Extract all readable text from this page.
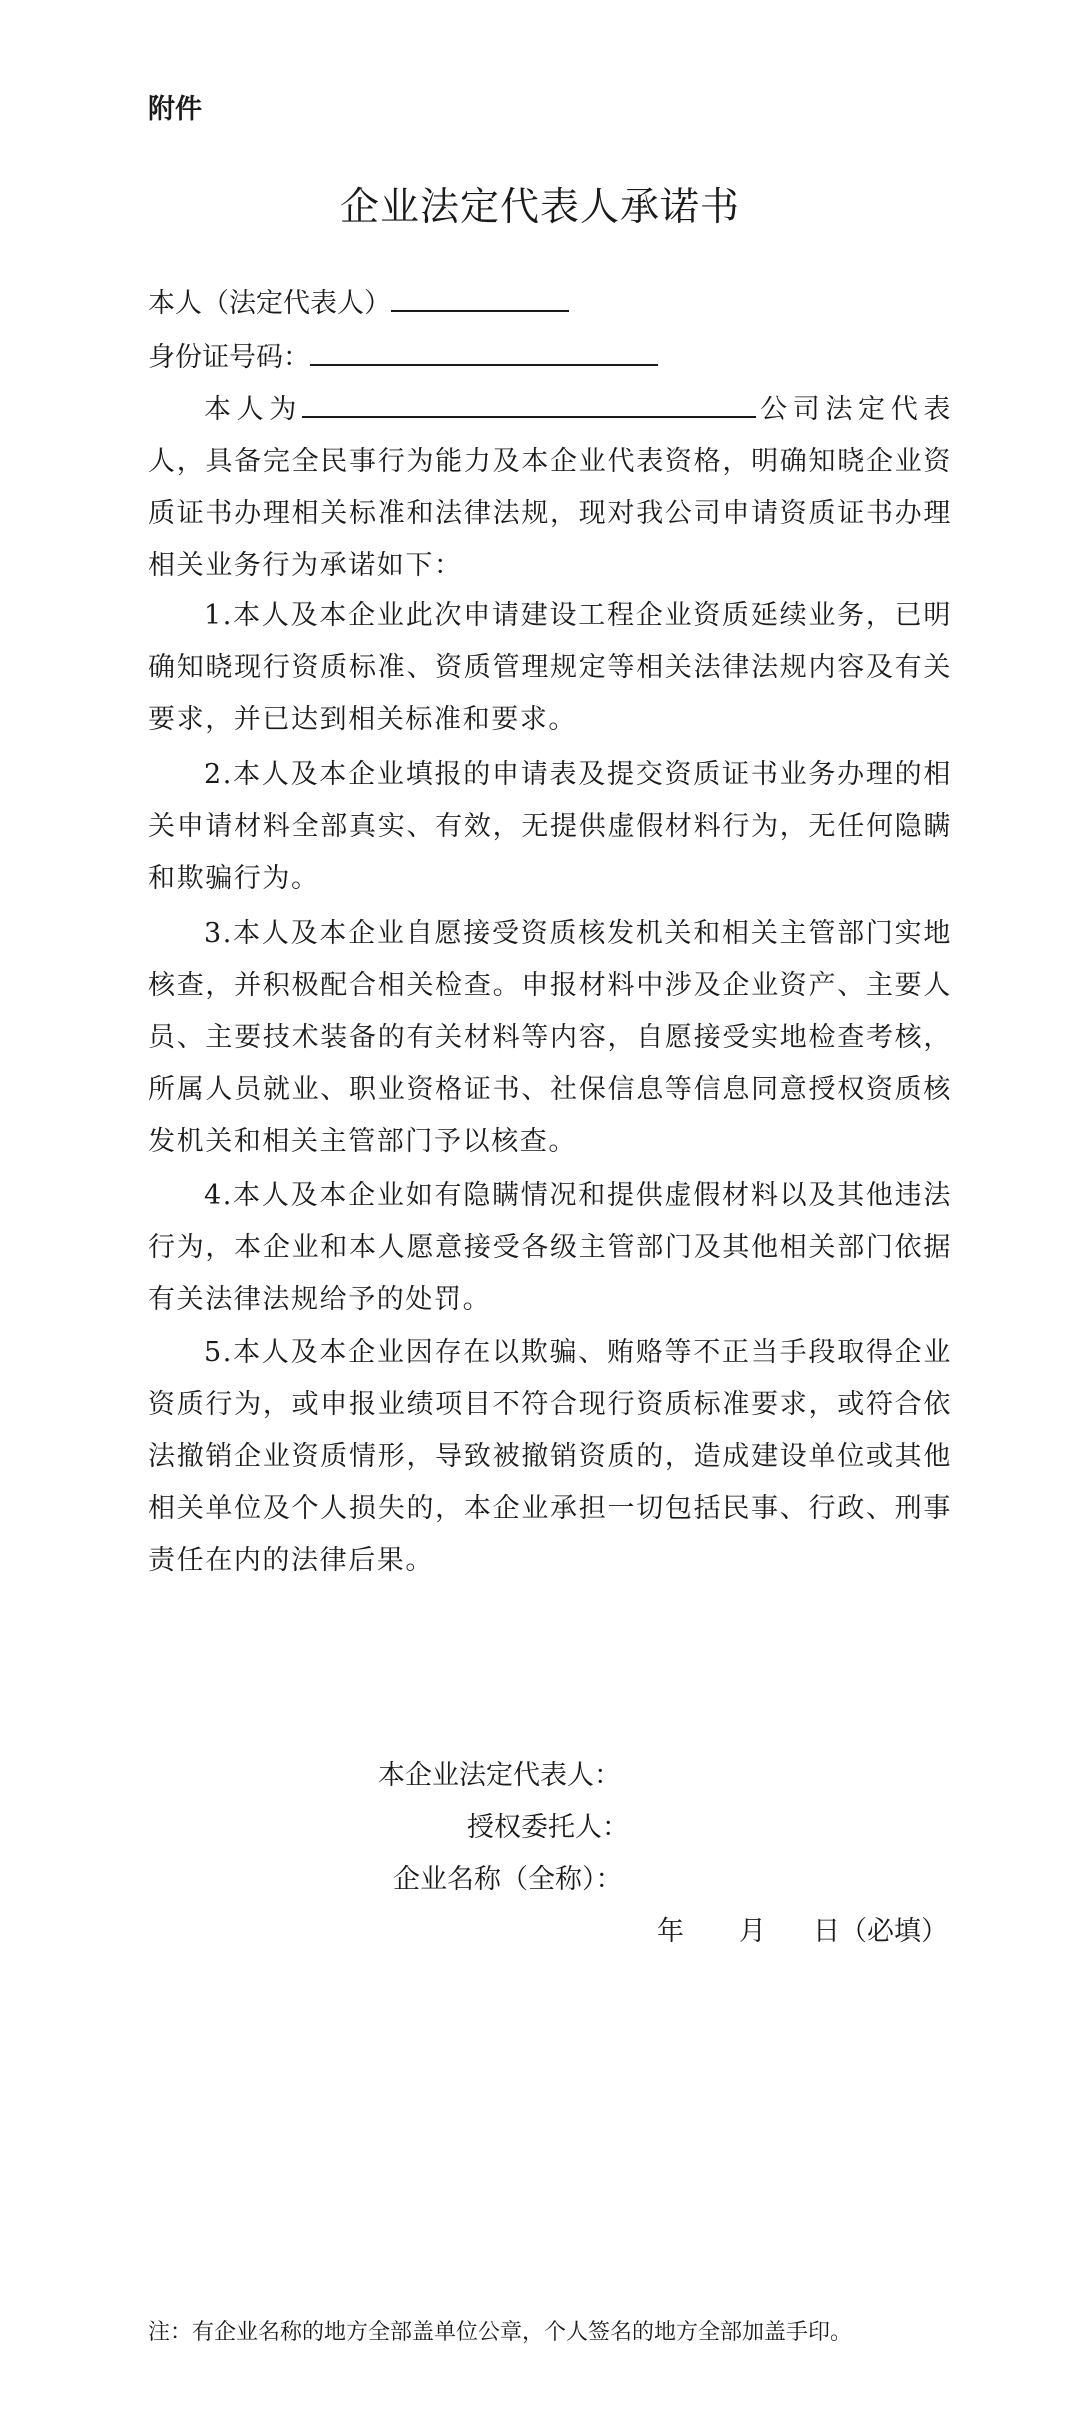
附件
企业法定代表人承诺书
本人（法定代表人）
身份证号码：
本人为	公司法定代表人，具备完全民事行为能力及本企业代表资格，明确知晓企业资质证书办理相关标准和法律法规，现对我公司申请资质证书办理相关业务行为承诺如下：
1.本人及本企业此次申请建设工程企业资质延续业务，已明确知晓现行资质标准、资质管理规定等相关法律法规内容及有关要求，并已达到相关标准和要求。
2.本人及本企业填报的申请表及提交资质证书业务办理的相关申请材料全部真实、有效，无提供虚假材料行为，无任何隐瞒和欺骗行为。
3.本人及本企业自愿接受资质核发机关和相关主管部门实地核查，并积极配合相关检查。申报材料中涉及企业资产、主要人员、主要技术装备的有关材料等内容，自愿接受实地检查考核，所属人员就业、职业资格证书、社保信息等信息同意授权资质核发机关和相关主管部门予以核查。
4.本人及本企业如有隐瞒情况和提供虚假材料以及其他违法行为，本企业和本人愿意接受各级主管部门及其他相关部门依据有关法律法规给予的处罚。
5.本人及本企业因存在以欺骗、贿赂等不正当手段取得企业资质行为，或申报业绩项目不符合现行资质标准要求，或符合依法撤销企业资质情形，导致被撤销资质的，造成建设单位或其他相关单位及个人损失的，本企业承担一切包括民事、行政、刑事责任在内的法律后果。
本企业法定代表人：
授权委托人：
企业名称（全称）：
年 月 日（必填）
注：有企业名称的地方全部盖单位公章，个人签名的地方全部加盖手印。
